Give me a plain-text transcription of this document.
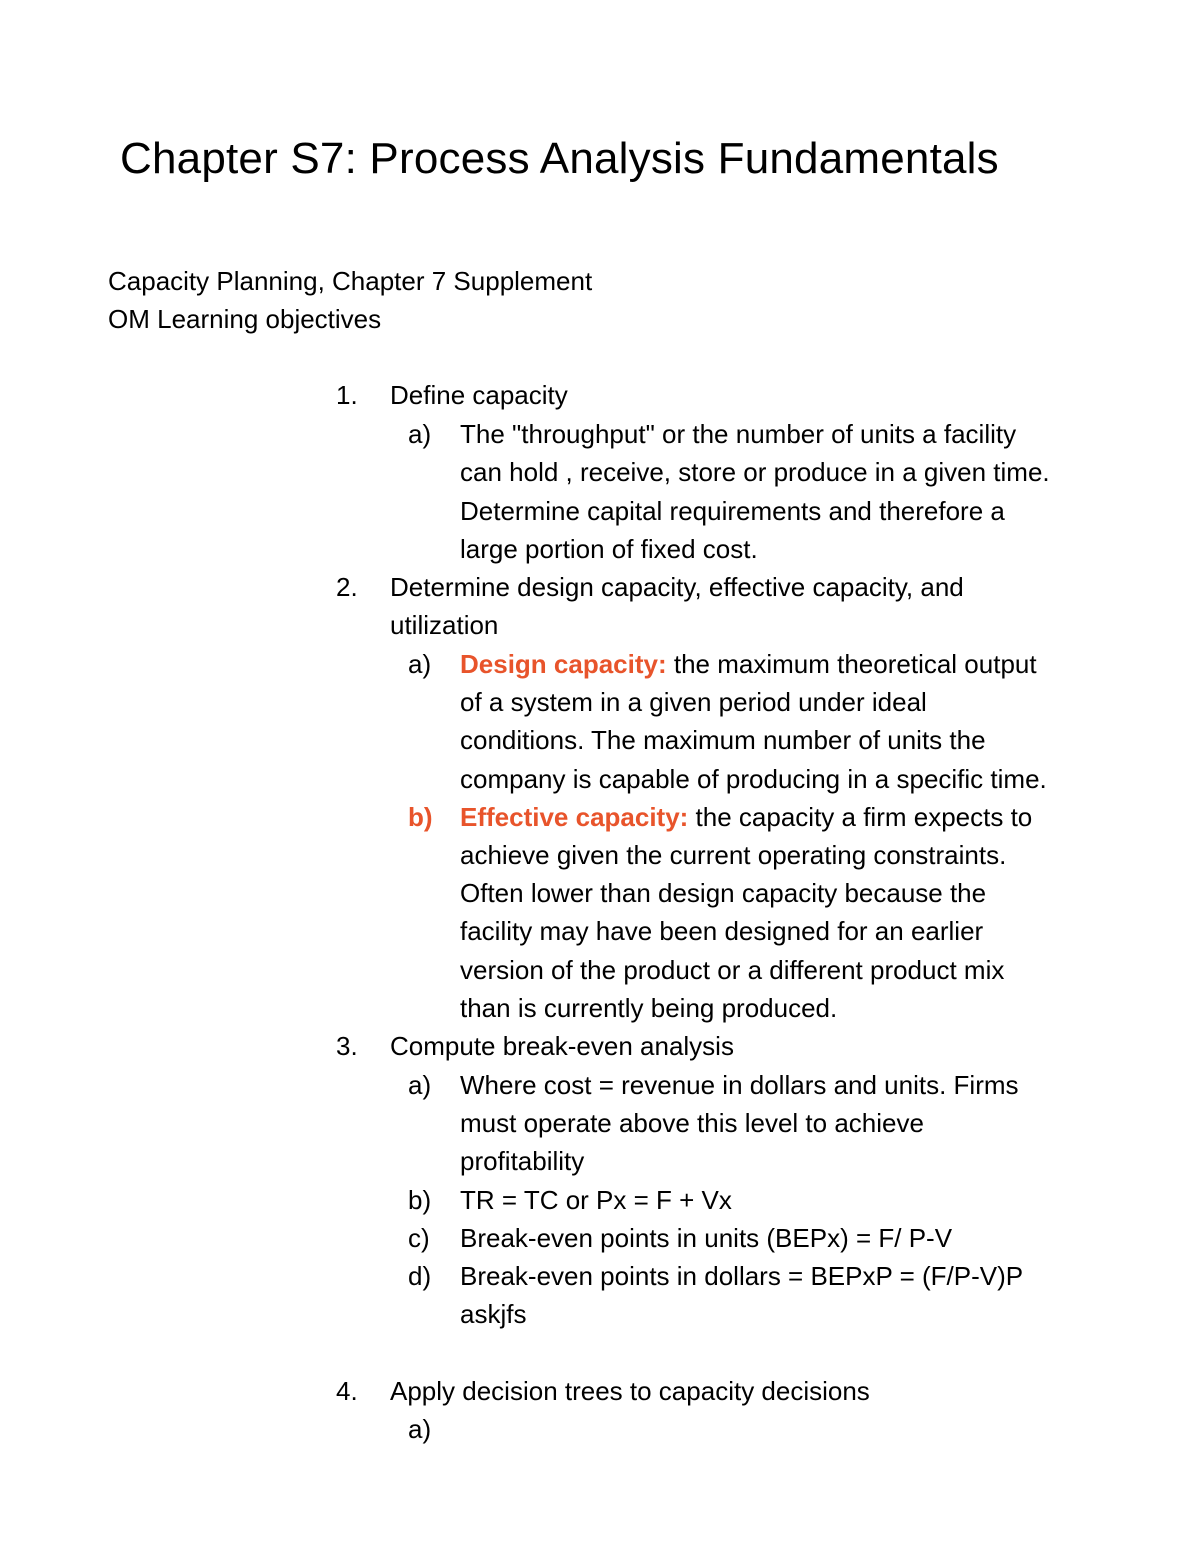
Chapter S7: Process Analysis Fundamentals
Capacity Planning, Chapter 7 Supplement
OM Learning objectives
1. Define capacity
a) The "throughput" or the number of units a facility
can hold , receive, store or produce in a given time.
Determine capital requirements and therefore a
large portion of fixed cost.
2. Determine design capacity, effective capacity, and
utilization
a) Design capacity: the maximum theoretical output
of a system in a given period under ideal
conditions. The maximum number of units the
company is capable of producing in a specific time.
b) Effective capacity: the capacity a firm expects to
achieve given the current operating constraints.
Often lower than design capacity because the
facility may have been designed for an earlier
version of the product or a different product mix
than is currently being produced.
3. Compute break-even analysis
a) Where cost = revenue in dollars and units. Firms
must operate above this level to achieve
profitability
b) TR = TC or Px = F + Vx
c) Break-even points in units (BEPx) = F/ P-V
d) Break-even points in dollars = BEPxP = (F/P-V)P
askjfs
4. Apply decision trees to capacity decisions
a)
